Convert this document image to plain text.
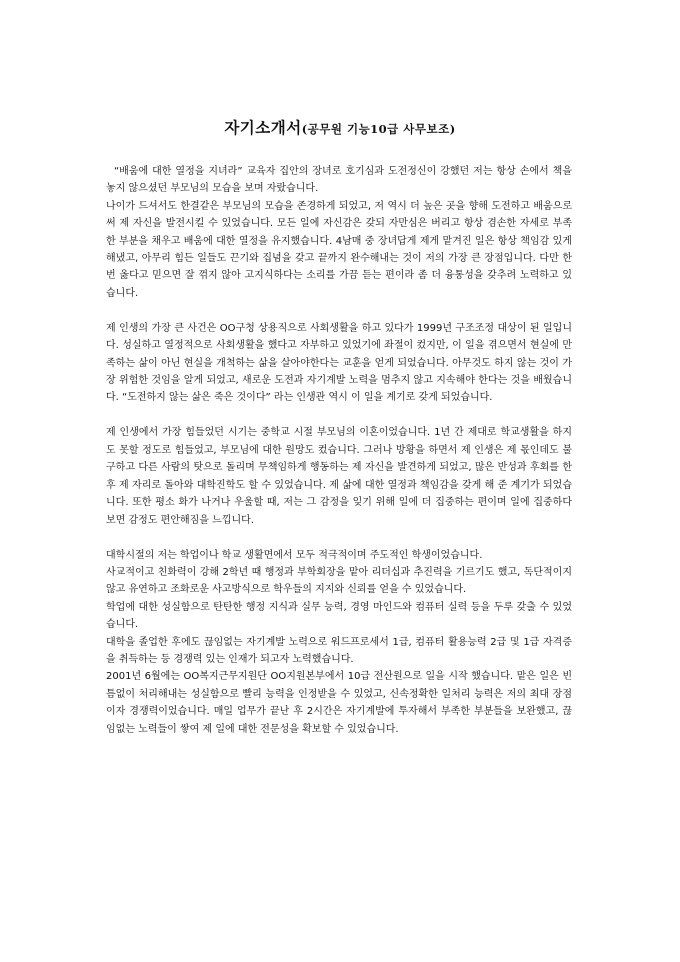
자기소개서(공무원 기능10급 사무보조)

“배움에 대한 열정을 지녀라” 교육자 집안의 장녀로 호기심과 도전정신이 강했던 저는 항상 손에서 책을 놓지 않으셨던 부모님의 모습을 보며 자랐습니다.

나이가 드셔서도 한결같은 부모님의 모습을 존경하게 되었고, 저 역시 더 높은 곳을 향해 도전하고 배움으로써 제 자신을 발전시킬 수 있었습니다. 모든 일에 자신감은 갖되 자만심은 버리고 항상 겸손한 자세로 부족한 부분을 채우고 배움에 대한 열정을 유지했습니다. 4남매 중 장녀답게 제게 맡겨진 일은 항상 책임감 있게 해냈고, 아무리 힘든 일들도 끈기와 집념을 갖고 끝까지 완수해내는 것이 저의 가장 큰 장점입니다. 다만 한번 옳다고 믿으면 잘 꺾지 않아 고지식하다는 소리를 가끔 듣는 편이라 좀 더 융통성을 갖추려 노력하고 있습니다.

제 인생의 가장 큰 사건은 OO구청 상용직으로 사회생활을 하고 있다가 1999년 구조조정 대상이 된 일입니다. 성실하고 열정적으로 사회생활을 했다고 자부하고 있었기에 좌절이 컸지만, 이 일을 겪으면서 현실에 만족하는 삶이 아닌 현실을 개척하는 삶을 살아야한다는 교훈을 얻게 되었습니다. 아무것도 하지 않는 것이 가장 위험한 것임을 알게 되었고, 새로운 도전과 자기계발 노력을 멈추지 않고 지속해야 한다는 것을 배웠습니다. “도전하지 않는 삶은 죽은 것이다” 라는 인생관 역시 이 일을 계기로 갖게 되었습니다.

제 인생에서 가장 힘들었던 시기는 중학교 시절 부모님의 이혼이었습니다. 1년 간 제대로 학교생활을 하지도 못할 정도로 힘들었고, 부모님에 대한 원망도 컸습니다. 그러나 방황을 하면서 제 인생은 제 몫인데도 불구하고 다른 사람의 탓으로 돌리며 무책임하게 행동하는 제 자신을 발견하게 되었고, 많은 반성과 후회를 한 후 제 자리로 돌아와 대학진학도 할 수 있었습니다. 제 삶에 대한 열정과 책임감을 갖게 해 준 계기가 되었습니다. 또한 평소 화가 나거나 우울할 때, 저는 그 감정을 잊기 위해 일에 더 집중하는 편이며 일에 집중하다보면 감정도 편안해짐을 느낍니다.

대학시절의 저는 학업이나 학교 생활면에서 모두 적극적이며 주도적인 학생이었습니다.

사교적이고 친화력이 강해 2학년 때 행정과 부학회장을 맡아 리더십과 추진력을 기르기도 했고, 독단적이지 않고 유연하고 조화로운 사고방식으로 학우들의 지지와 신뢰를 얻을 수 있었습니다.

학업에 대한 성실함으로 탄탄한 행정 지식과 실무 능력, 경영 마인드와 컴퓨터 실력 등을 두루 갖출 수 있었습니다.

대학을 졸업한 후에도 끊임없는 자기계발 노력으로 워드프로세서 1급, 컴퓨터 활용능력 2급 및 1급 자격증을 취득하는 등 경쟁력 있는 인재가 되고자 노력했습니다.

2001년 6월에는 OO복지근무지원단 OO지원본부에서 10급 전산원으로 일을 시작 했습니다. 맡은 일은 빈틈없이 처리해내는 성실함으로 빨리 능력을 인정받을 수 있었고, 신속정확한 일처리 능력은 저의 최대 장점이자 경쟁력이었습니다. 매일 업무가 끝난 후 2시간은 자기계발에 투자해서 부족한 부분들을 보완했고, 끊임없는 노력들이 쌓여 제 일에 대한 전문성을 확보할 수 있었습니다.
